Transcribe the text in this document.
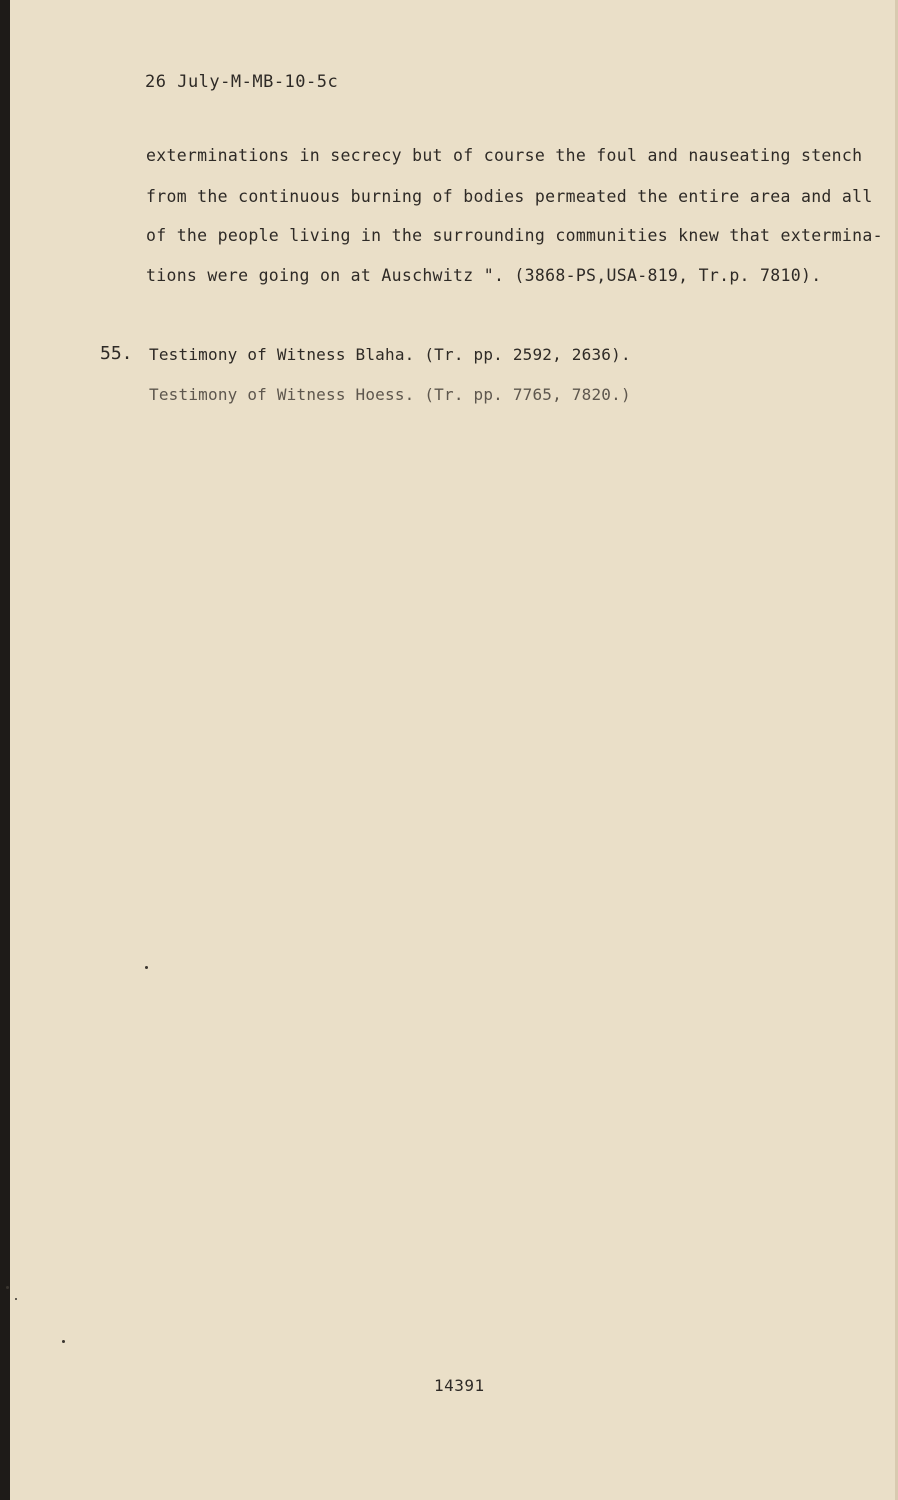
26 July-M-MB-10-5c
exterminations in secrecy but of course the foul and nauseating stench
from the continuous burning of bodies permeated the entire area and all
of the people living in the surrounding communities knew that extermina-
tions were going on at Auschwitz ". (3868-PS,USA-819, Tr.p. 7810).
55. Testimony of Witness Blaha. (Tr. pp. 2592, 2636).
Testimony of Witness Hoess. (Tr. pp. 7765, 7820.)
14391
